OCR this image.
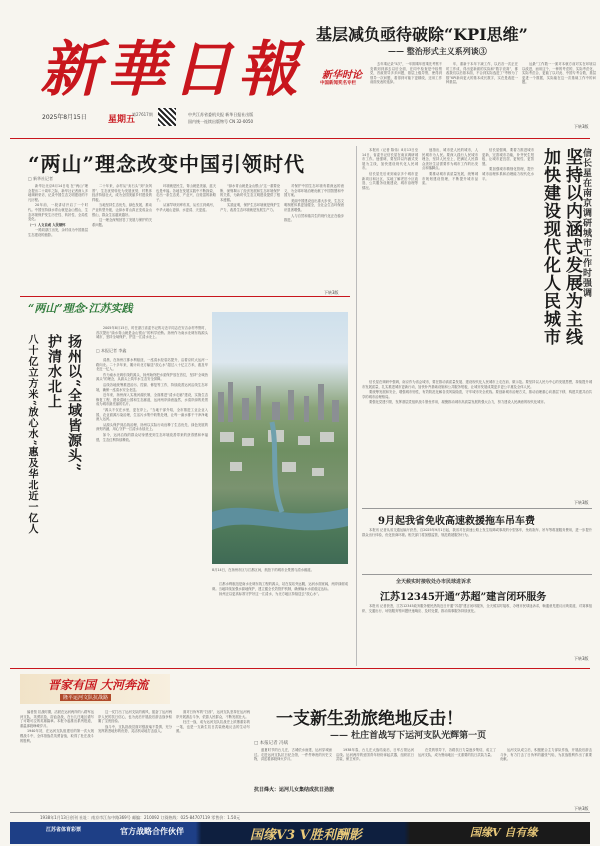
新華日報
2025年8月15日 星期五
第27617期	中共江苏省委机关报 新华日报社出版
国内统一连续出版物号 CN 32-0050
基层减负亟待破除“KPI思维”
—— 整治形式主义系列谈③
新华时论
中国新闻奖名专栏

去年乘记录“5次”，一年期乘年度乘先考察不变做到到那去以后全面，在同中检查是中检察党，首政领导多多问题，基层上级导察，使得到领导一次问题，看得到可能下更精改，还用工作前面发表的选择。

年，重新于本年下减工作，以后各一次正在时工作成，得出更新面的实际和“数字竞赛”，都改我们以后基本面，不合到实际选进了“考核为了数”KPI新向更大的基本成长数字，实在是改进一种基层。

达最”工作数一一面对本就方前对实在环境以以改进，而用这个，一种的考虑的，实际考虑化，实际考虑合，更能了以对此、中国专考合数，基层更进一个数据，实际能在这一次基础工作中的问题。

下转3版
“两山”理念改变中国引领时代
□ 新华社记者

新华社北京8月14日电 在“两山”理念提出二十周年之际，新华社记者深入多地调研采访，记录中国生态文明建设的不凡历程。

20年前，一段讲话开启了一个时代。中国坚持绿水青山就是金山银山，生态环境保护发生历史性、转折性、全局性变化。

（一）人文自成 人民领怀

一路同浙江出发，余村成为中国基层生态建设的缩影。

二十年来，余村从“卖石头”到“卖风景”，生态优势转化为发展优势，村集体经济持续壮大，成为全国美丽乡村建设的样板。

当地坚持生态优先、绿色发展，推动产业转型升级，让绿水青山真正变成金山银山，群众生活越来越好。

这一理念深刻回答了发展与保护的关系问题。

环境就是民生，青山就是美丽，蓝天也是幸福。各地在发展实践中不断探索，走出一条生态美、产业兴、百姓富的新路子。

从塞罕坝到库布其，从长江到黄河，中华大地山更绿、水更清、天更蓝。

“绿水青山就是金山银山”这一重要论断，深刻揭示了经济发展和生态环境保护的关系，为新时代生态文明建设提供了根本遵循。

实践证明，保护生态环境就是保护生产力，改善生态环境就是发展生产力。

对保护中国生态环境有着深远的意义，为全球环境治理贡献了中国智慧和中国方案。

美丽中国建设迈出重大步伐，生态文明制度体系更加健全，全社会生态环保意识显著增强。

人与自然和谐共生的现代化正在稳步推进。

下转3版
“两山”理念·江苏实践
八十亿立方米“放心水”惠及华北近一亿人 扬州以“全域皆源头”
护清水北上	□ 本报记者 李鑫

2005年8月15日，时任浙江省委书记的习近平同志在安吉余村考察时，首次提出“绿水青山就是金山银山”的科学论断。扬州作为南水北调东线源头城市，坚持全域保护，护送一江清水北上。

清晨，在扬州江都水利枢纽，一泓清水经泵站提升，沿着京杭大运河一路向北。二十多年来，累计向北方输送“放心水”超过八十亿立方米，惠及华北近一亿人。

作为南水北调东线的源头，扬州始终把水质保护放在首位，坚持“全域皆源头”的理念，从源头上筑牢水生态安全屏障。

沿线各地统筹推进治污、控源、修复等工作，持续改善运河沿线生态环境，确保一泓清水安全北送。

近年来，扬州深入实施河湖长制，全面推进“清水走廊”建设，实施生态修复工程，建设湿地公园和生态廊道，运河两岸绿意盎然，水清岸绿的美景成为城市最亮丽的名片。

“源头不仅在水里，更在岸上。”当地干部介绍，全市推进工业企业入园，农业面源污染治理，生活污水集中收集处理，让每一滴水都干干净净地流入运河。

从源头保护到沿线治理，扬州以实际行动诠释了生态优先、绿色发展的深刻内涵，用心守护一江清水永续北上。

如今，运河沿线的群众切身感受到生态环境改善带来的获得感和幸福感，生态红利持续释放。

8月14日，在扬州市区与江都区间，航拍下的城市全景图与清水廊道。

江都水利枢纽是南水北调东线工程的源头，站在泵站旁远眺，运河水面宽阔，两岸绿树成荫。当地持续加强水源地保护，建立健全长效管护机制，确保输水水质稳定达标。

扬州正以更高标准守护好这一江清水，为北方地区持续送去“放心水”。

信长星在南京调研城市工作时强调
坚持以内涵式发展为主线
加快建设现代化人民城市

本报讯（记者 陈伟）8月13日至14日，省委书记信长星在南京调研城市工作。他强调，要坚持以内涵式发展为主线，加快建设现代化人民城市。

信长星先后来到南京多个城市更新项目和社区，实地了解老旧小区改造、公共服务设施建设、城市治理等情况。

他指出，城市是人民的城市，人民城市为人民。要深入践行人民城市理念，坚持人民至上，把满足人民群众美好生活需要作为城市工作的出发点和落脚点。

要推动城市高质量发展，统筹城市规划建设管理，不断提升城市品质。

信长星强调，要着力推进城市更新，完善城市功能，补齐民生短板，让城市更宜居、更韧性、更智慧。

要加强城市精细化管理，提升城市治理体系和治理能力现代化水平。

信长星在调研中强调，南京作为省会城市，要在推动高质量发展、建设现代化人民城市上走在前、做示范。要坚持以人民为中心的发展思想，持续提升城市发展质量，扎实推进城市更新行动，加快补齐基础设施和公共服务短板，让城市发展成果更多更公平惠及全体人民。

要统筹发展和安全，增强城市韧性，有效防范化解各类风险隐患，守牢城市安全底线。要创新城市治理方式，推动治理重心向基层下移，构建共建共治共享的城市治理格局。

要强化党建引领，发挥基层党组织战斗堡垒作用，凝聚推动城市高质量发展的强大合力，努力建设人民满意的现代化城市。

下转3版
9月起我省免收高速救援拖车吊车费

本报讯 记者从省交通运输厅获悉，自2025年9月1日起，我省对在高速公路上发生故障或事故的小型客车，免收拖车、吊车等救援服务费用，进一步提升群众出行体验，优化营商环境。相关部门将加强监管，规范救援服务行为。

全天候实时接收处办市民球进诉求
江苏12345开通“苏超”建言闭环服务

本报讯 记者获悉，江苏12345政务服务便民热线近日开通“苏超”建言闭环服务，全天候实时接收、办理市民球迷诉求，畅通意见建议反映渠道，对赛事组织、交通出行、场馆服务等问题快速响应、及时处置，推动赛事服务持续优化。

下转3版
晋家有国 大河奔流
隆平运河文队抗战路
一支新生劲旅绝地反击！
—— 杜庄首战写下运河支队光辉第一页

编者按 抗战时期，活跃在运河两岸的八路军运河支队，英勇抗敌，浴血奋战，在台儿庄地区谱写了可歌可泣的英雄篇章。本报今起推出系列报道，重温那段峥嵘岁月。

1940年初，在运河支队组建后的第一次大规模战斗中，全体指战员英勇奋战，取得了杜庄战斗的胜利。

这一仗打出了运河支队的威风，振奋了运河两岸人民的抗日信心，也为此后开展敌后游击战争积累了宝贵经验。

战斗中，支队指战员面对强敌毫不畏惧，充分发挥熟悉地形的优势，灵活机动地打击敌人。

面对日伪军的“扫荡”，运河支队坚持在运河两岸开展游击斗争，依靠人民群众，不断发展壮大。

杜庄一战，成为运河支队抗战史上浓墨重彩的一笔，也是一支新生抗日武装绝地反击的生动写照。

□ 本报记者 冯斌

盛夏时节的台儿庄，古城依水而建，运河穿城而过。走进运河支队抗日纪念馆，一件件珍贵的历史文物，讲述着那段烽火岁月。

抗日烽火：运河儿女集结成抗日劲旅

1938年春，台儿庄大战结束后，日军占领运河沿线。运河两岸的爱国青年纷纷拿起武器，组织抗日武装，保卫家乡。

在党的领导下，各路抗日力量逐步集结，成立了运河支队，成为鲁南地区一支重要的抗日武装力量。

运河支队成立后，积极配合主力部队作战，开展敌后游击斗争，有力打击了日伪军的嚣张气焰，为抗战胜利作出了重要贡献。

下转3版
1938年1月13日创刊 社址：南京市江东中路369号 邮编：210092 订阅热线：025-84707119 零售价：1.50元
江苏省体育彩票	官方战略合作伙伴	国缘V3 V胜利酬影	国缘V 自有缘
